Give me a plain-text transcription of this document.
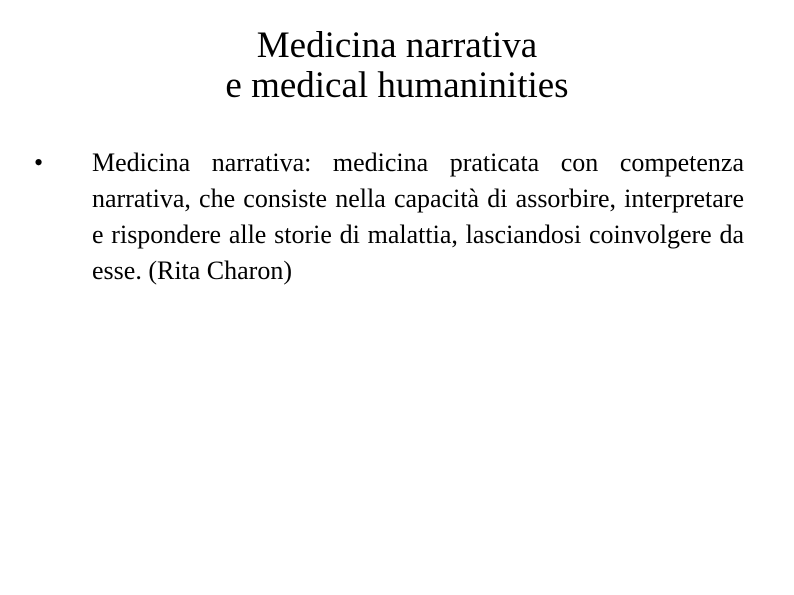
Medicina narrativa
e medical humaninities
• Medicina narrativa: medicina praticata con competenza narrativa, che consiste nella capacità di assorbire, interpretare e rispondere alle storie di malattia, lasciandosi coinvolgere da esse. (Rita Charon)
